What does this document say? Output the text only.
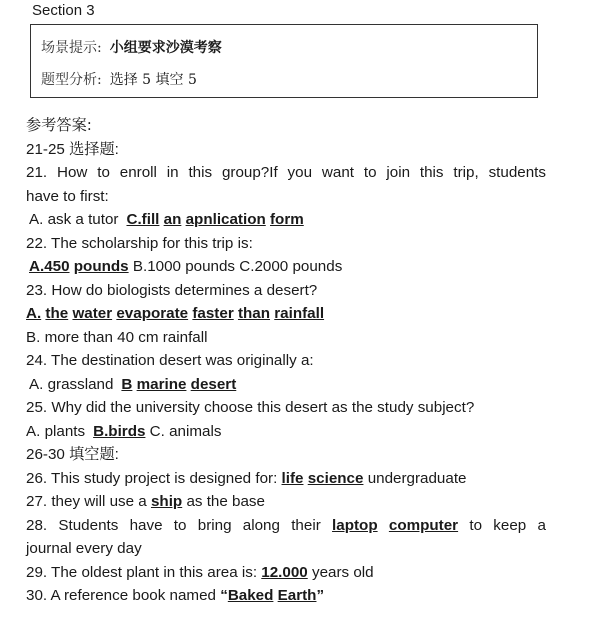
Section 3
场景提示: 小组要求沙漠考察
题型分析: 选择 5 填空 5
参考答案:
21-25 选择题:
21. How to enroll in this group?If you want to join this trip, students
have to first:
A. ask a tutor C.fill an apnlication form
22. The scholarship for this trip is:
A.450 pounds B.1000 pounds C.2000 pounds
23. How do biologists determines a desert?
A. the water evaporate faster than rainfall
B. more than 40 cm rainfall
24. The destination desert was originally a:
A. grassland B marine desert
25. Why did the university choose this desert as the study subject?
A. plants B.birds C. animals
26-30 填空题:
26. This study project is designed for: life science undergraduate
27. they will use a ship as the base
28. Students have to bring along their laptop computer to keep a
journal every day
29. The oldest plant in this area is: 12.000 years old
30. A reference book named “Baked Earth”
